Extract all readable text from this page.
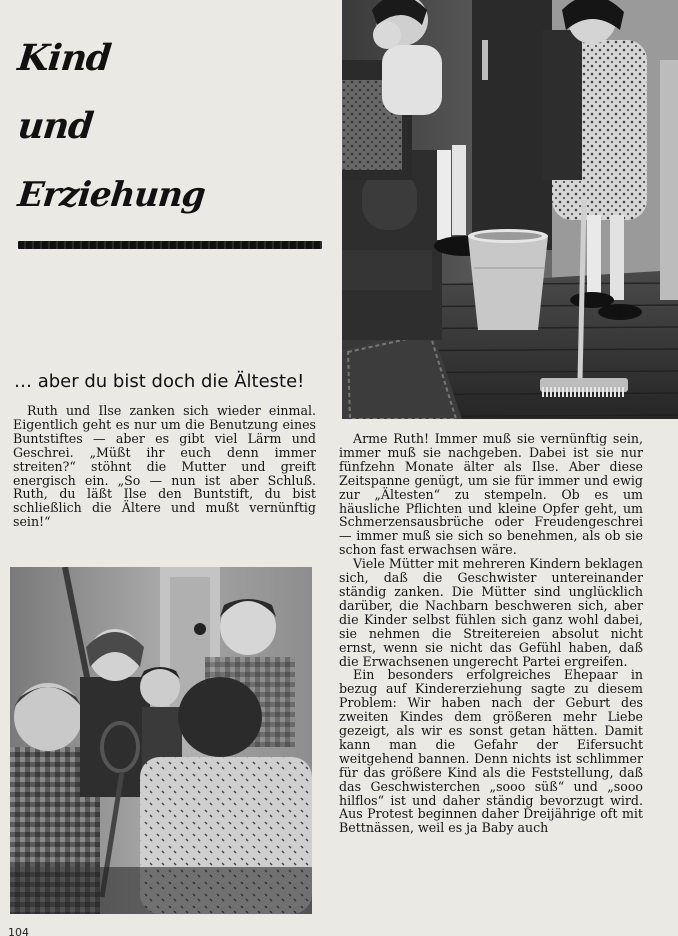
Kind
und
Erziehung
… aber du bist doch die Älteste!

Ruth und Ilse zanken sich wieder einmal. Eigentlich geht es nur um die Benutzung eines Buntstiftes — aber es gibt viel Lärm und Geschrei. „Müßt ihr euch denn immer streiten?“ stöhnt die Mutter und greift energisch ein. „So — nun ist aber Schluß. Ruth, du läßt Ilse den Buntstift, du bist schließlich die Ältere und mußt vernünftig sein!“

Arme Ruth! Immer muß sie vernünftig sein, immer muß sie nachgeben. Dabei ist sie nur fünfzehn Monate älter als Ilse. Aber diese Zeitspanne genügt, um sie für immer und ewig zur „Ältesten“ zu stempeln. Ob es um häusliche Pflichten und kleine Opfer geht, um Schmerzensausbrüche oder Freudengeschrei — immer muß sie sich so benehmen, als ob sie schon fast erwachsen wäre.

Viele Mütter mit mehreren Kindern beklagen sich, daß die Geschwister untereinander ständig zanken. Die Mütter sind unglücklich darüber, die Nachbarn beschweren sich, aber die Kinder selbst fühlen sich ganz wohl dabei, sie nehmen die Streitereien absolut nicht ernst, wenn sie nicht das Gefühl haben, daß die Erwachsenen ungerecht Partei ergreifen.

Ein besonders erfolgreiches Ehepaar in bezug auf Kindererziehung sagte zu diesem Problem: Wir haben nach der Geburt des zweiten Kindes dem größeren mehr Liebe gezeigt, als wir es sonst getan hätten. Damit kann man die Gefahr der Eifersucht weitgehend bannen. Denn nichts ist schlimmer für das größere Kind als die Feststellung, daß das Geschwisterchen „sooo süß“ und „sooo hilflos“ ist und daher ständig bevorzugt wird. Aus Protest beginnen daher Dreijährige oft mit Bettnässen, weil es ja Baby auch

104
